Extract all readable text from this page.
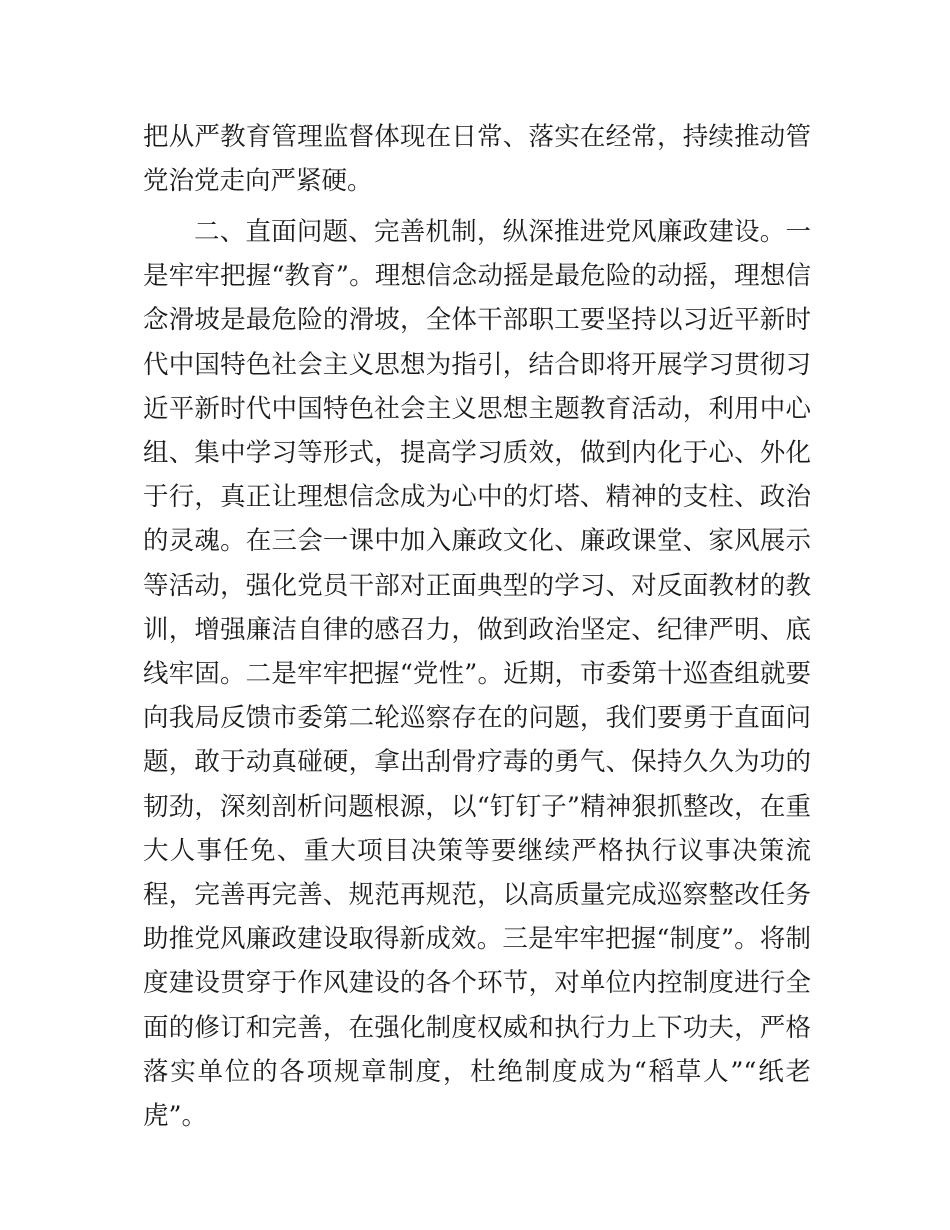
把从严教育管理监督体现在日常、落实在经常，持续推动管党治党走向严紧硬。

二、直面问题、完善机制，纵深推进党风廉政建设。一是牢牢把握“教育”。理想信念动摇是最危险的动摇，理想信念滑坡是最危险的滑坡，全体干部职工要坚持以习近平新时代中国特色社会主义思想为指引，结合即将开展学习贯彻习近平新时代中国特色社会主义思想主题教育活动，利用中心组、集中学习等形式，提高学习质效，做到内化于心、外化于行，真正让理想信念成为心中的灯塔、精神的支柱、政治的灵魂。在三会一课中加入廉政文化、廉政课堂、家风展示等活动，强化党员干部对正面典型的学习、对反面教材的教训，增强廉洁自律的感召力，做到政治坚定、纪律严明、底线牢固。二是牢牢把握“党性”。近期，市委第十巡查组就要向我局反馈市委第二轮巡察存在的问题，我们要勇于直面问题，敢于动真碰硬，拿出刮骨疗毒的勇气、保持久久为功的韧劲，深刻剖析问题根源，以“钉钉子”精神狠抓整改，在重大人事任免、重大项目决策等要继续严格执行议事决策流程，完善再完善、规范再规范，以高质量完成巡察整改任务助推党风廉政建设取得新成效。三是牢牢把握“制度”。将制度建设贯穿于作风建设的各个环节，对单位内控制度进行全面的修订和完善，在强化制度权威和执行力上下功夫，严格落实单位的各项规章制度，杜绝制度成为“稻草人”“纸老虎”。
